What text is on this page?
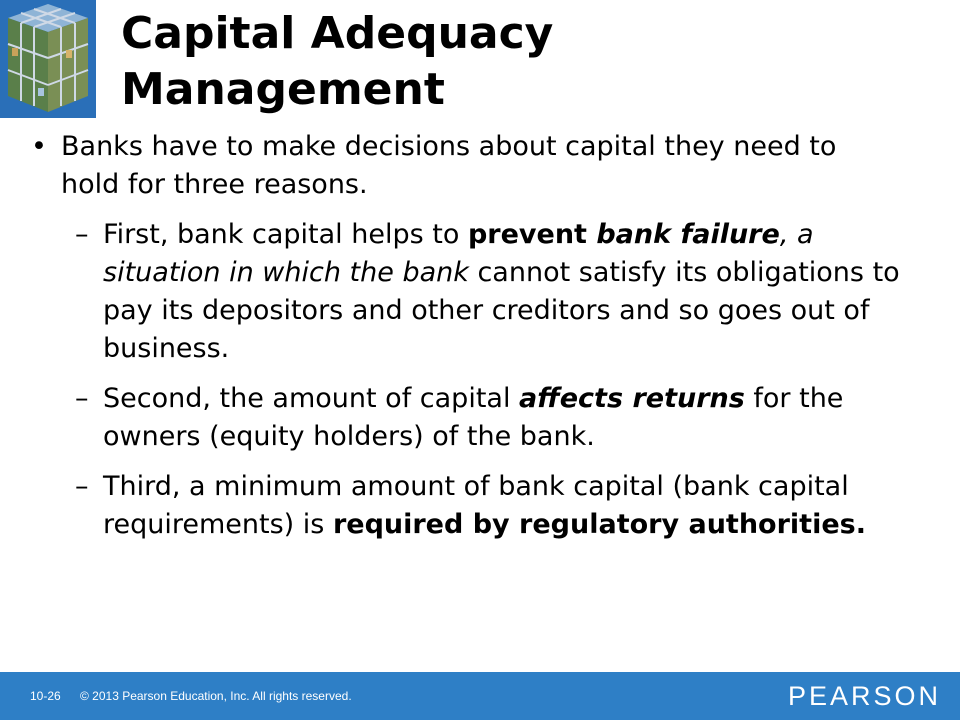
Capital Adequacy
Management
• Banks have to make decisions about capital they need to hold for three reasons.
– First, bank capital helps to prevent bank failure, a situation in which the bank cannot satisfy its obligations to pay its depositors and other creditors and so goes out of business.
– Second, the amount of capital affects returns for the owners (equity holders) of the bank.
– Third, a minimum amount of bank capital (bank capital requirements) is required by regulatory authorities.
10-26 © 2013 Pearson Education, Inc. All rights reserved.	PEARSON
